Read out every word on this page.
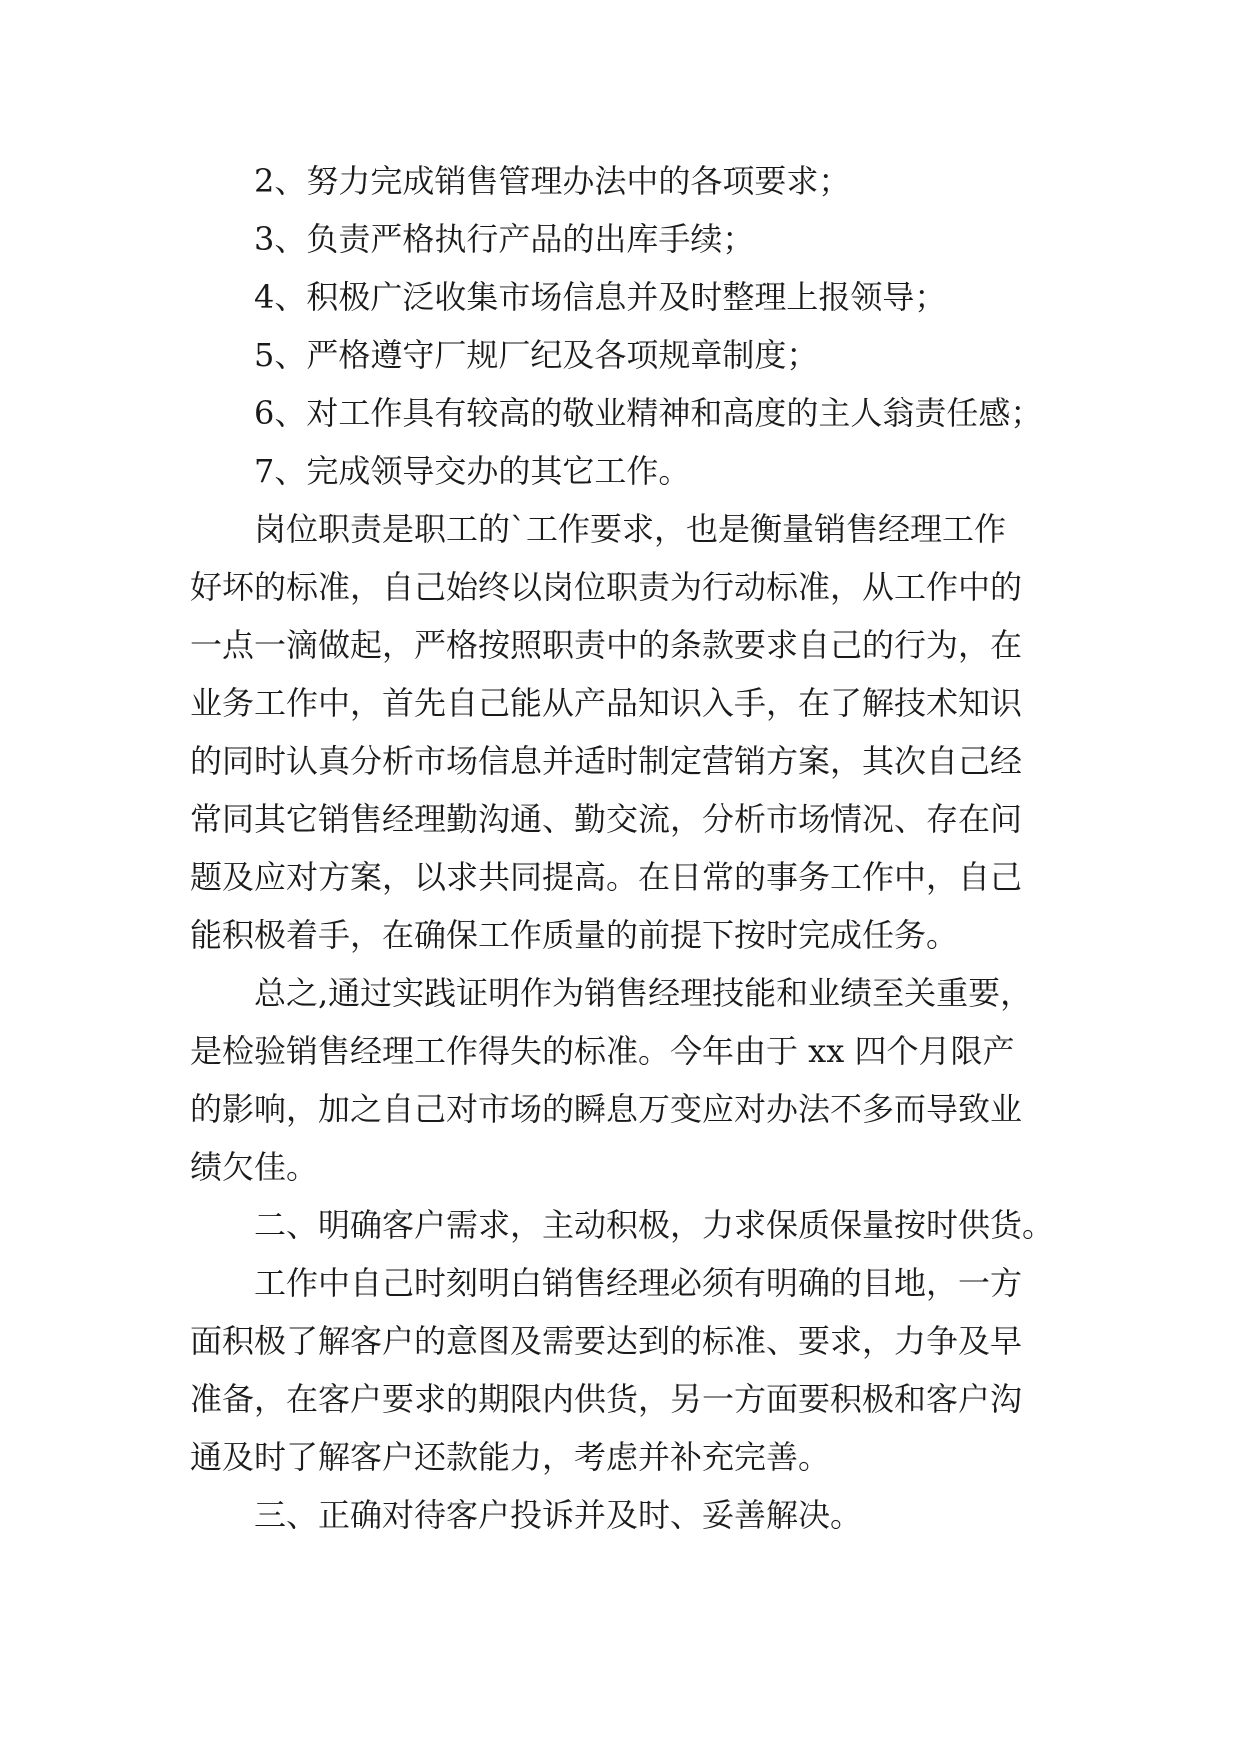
2、努力完成销售管理办法中的各项要求；
3、负责严格执行产品的出库手续；
4、积极广泛收集市场信息并及时整理上报领导；
5、严格遵守厂规厂纪及各项规章制度；
6、对工作具有较高的敬业精神和高度的主人翁责任感；
7、完成领导交办的其它工作。
岗位职责是职工的`工作要求，也是衡量销售经理工作
好坏的标准，自己始终以岗位职责为行动标准，从工作中的
一点一滴做起，严格按照职责中的条款要求自己的行为，在
业务工作中，首先自己能从产品知识入手，在了解技术知识
的同时认真分析市场信息并适时制定营销方案，其次自己经
常同其它销售经理勤沟通、勤交流，分析市场情况、存在问
题及应对方案，以求共同提高。在日常的事务工作中，自己
能积极着手，在确保工作质量的前提下按时完成任务。
总之,通过实践证明作为销售经理技能和业绩至关重要，
是检验销售经理工作得失的标准。今年由于 xx 四个月限产
的影响，加之自己对市场的瞬息万变应对办法不多而导致业
绩欠佳。
二、明确客户需求，主动积极，力求保质保量按时供货。
工作中自己时刻明白销售经理必须有明确的目地，一方
面积极了解客户的意图及需要达到的标准、要求，力争及早
准备，在客户要求的期限内供货，另一方面要积极和客户沟
通及时了解客户还款能力，考虑并补充完善。
三、正确对待客户投诉并及时、妥善解决。
